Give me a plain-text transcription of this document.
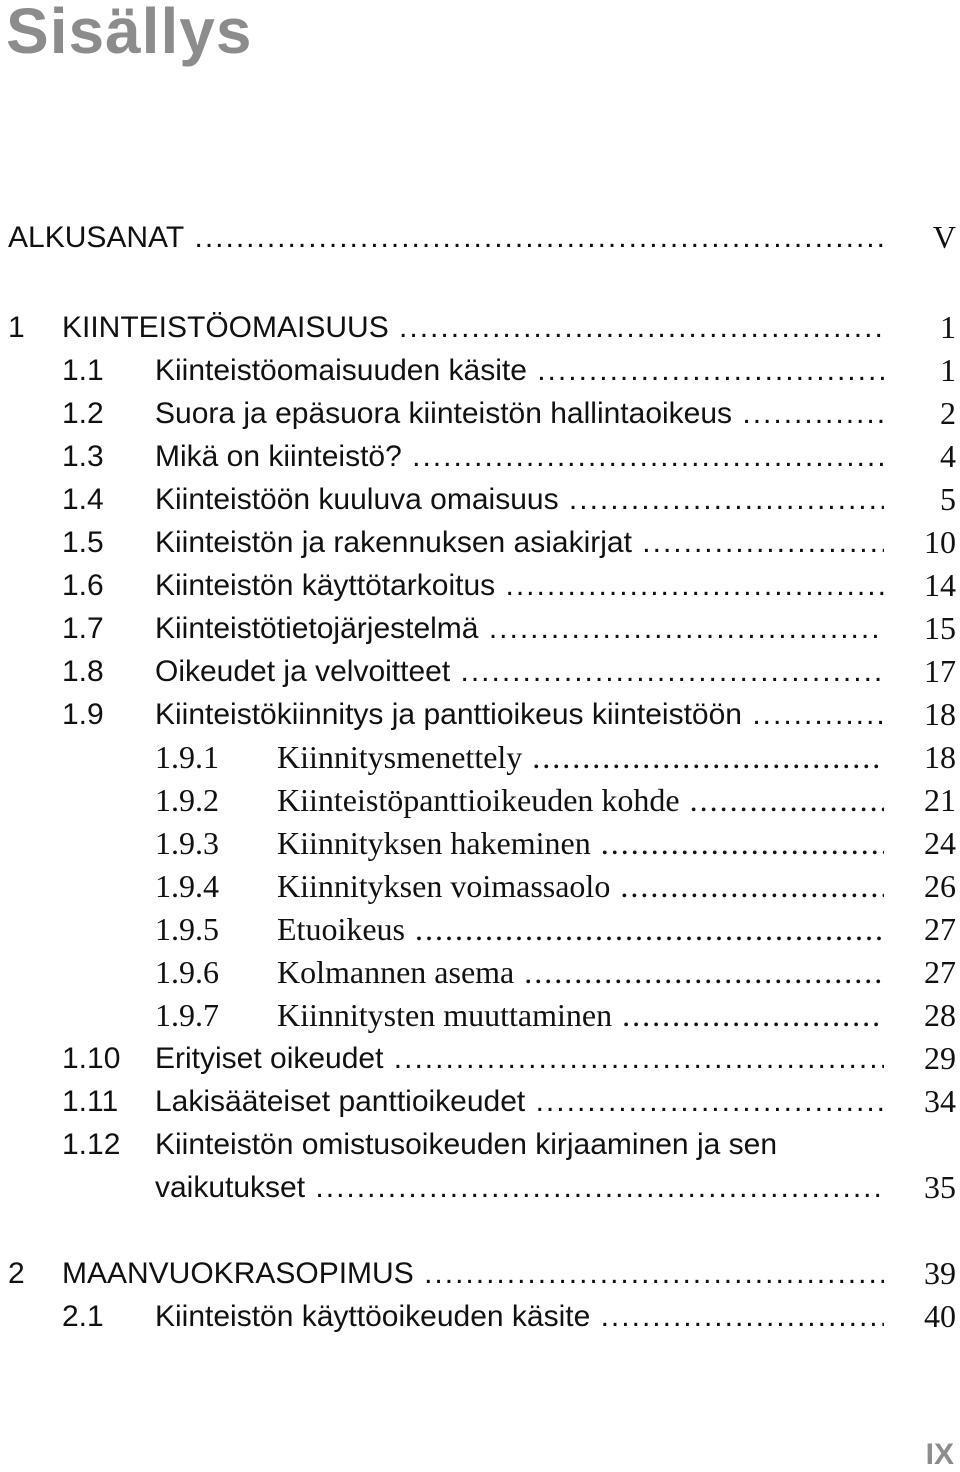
Sisällys
ALKUSANAT .....	V
1 KIINTEISTÖOMAISUUS .....	1
1.1 Kiinteistöomaisuuden käsite .....	1
1.2 Suora ja epäsuora kiinteistön hallintaoikeus .....	2
1.3 Mikä on kiinteistö? .....	4
1.4 Kiinteistöön kuuluva omaisuus .....	5
1.5 Kiinteistön ja rakennuksen asiakirjat .....	10
1.6 Kiinteistön käyttötarkoitus .....	14
1.7 Kiinteistötietojärjestelmä .....	15
1.8 Oikeudet ja velvoitteet .....	17
1.9 Kiinteistökiinnitys ja panttioikeus kiinteistöön .....	18
1.9.1 Kiinnitysmenettely .....	18
1.9.2 Kiinteistöpanttioikeuden kohde .....	21
1.9.3 Kiinnityksen hakeminen .....	24
1.9.4 Kiinnityksen voimassaolo .....	26
1.9.5 Etuoikeus .....	27
1.9.6 Kolmannen asema .....	27
1.9.7 Kiinnitysten muuttaminen .....	28
1.10 Erityiset oikeudet .....	29
1.11 Lakisääteiset panttioikeudet .....	34
1.12 Kiinteistön omistusoikeuden kirjaaminen ja sen
vaikutukset .....	35
2 MAANVUOKRASOPIMUS .....	39
2.1 Kiinteistön käyttöoikeuden käsite .....	40
IX
